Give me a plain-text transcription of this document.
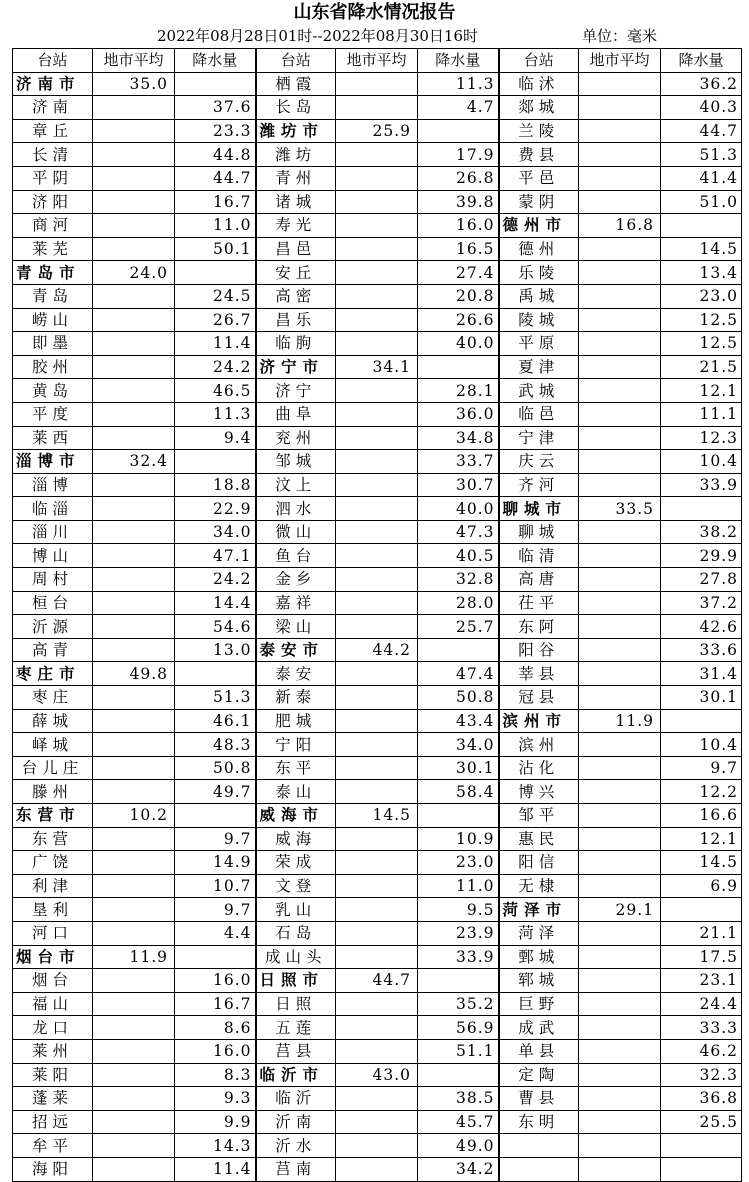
山东省降水情况报告
2022年08月28日01时--2022年08月30日16时	单位：毫米
台站	地市平均	降水量	台站	地市平均	降水量	台站	地市平均	降水量
济南市	35.0		栖霞		11.3	临沭		36.2
济南		37.6	长岛		4.7	郯城		40.3
章丘		23.3	潍坊市	25.9		兰陵		44.7
长清		44.8	潍坊		17.9	费县		51.3
平阴		44.7	青州		26.8	平邑		41.4
济阳		16.7	诸城		39.8	蒙阴		51.0
商河		11.0	寿光		16.0	德州市	16.8	
莱芜		50.1	昌邑		16.5	德州		14.5
青岛市	24.0		安丘		27.4	乐陵		13.4
青岛		24.5	高密		20.8	禹城		23.0
崂山		26.7	昌乐		26.6	陵城		12.5
即墨		11.4	临朐		40.0	平原		12.5
胶州		24.2	济宁市	34.1		夏津		21.5
黄岛		46.5	济宁		28.1	武城		12.1
平度		11.3	曲阜		36.0	临邑		11.1
莱西		9.4	兖州		34.8	宁津		12.3
淄博市	32.4		邹城		33.7	庆云		10.4
淄博		18.8	汶上		30.7	齐河		33.9
临淄		22.9	泗水		40.0	聊城市	33.5	
淄川		34.0	微山		47.3	聊城		38.2
博山		47.1	鱼台		40.5	临清		29.9
周村		24.2	金乡		32.8	高唐		27.8
桓台		14.4	嘉祥		28.0	茌平		37.2
沂源		54.6	梁山		25.7	东阿		42.6
高青		13.0	泰安市	44.2		阳谷		33.6
枣庄市	49.8		泰安		47.4	莘县		31.4
枣庄		51.3	新泰		50.8	冠县		30.1
薛城		46.1	肥城		43.4	滨州市	11.9	
峄城		48.3	宁阳		34.0	滨州		10.4
台儿庄		50.8	东平		30.1	沾化		9.7
滕州		49.7	泰山		58.4	博兴		12.2
东营市	10.2		威海市	14.5		邹平		16.6
东营		9.7	威海		10.9	惠民		12.1
广饶		14.9	荣成		23.0	阳信		14.5
利津		10.7	文登		11.0	无棣		6.9
垦利		9.7	乳山		9.5	菏泽市	29.1	
河口		4.4	石岛		23.9	菏泽		21.1
烟台市	11.9		成山头		33.9	鄄城		17.5
烟台		16.0	日照市	44.7		郓城		23.1
福山		16.7	日照		35.2	巨野		24.4
龙口		8.6	五莲		56.9	成武		33.3
莱州		16.0	莒县		51.1	单县		46.2
莱阳		8.3	临沂市	43.0		定陶		32.3
蓬莱		9.3	临沂		38.5	曹县		36.8
招远		9.9	沂南		45.7	东明		25.5
牟平		14.3	沂水		49.0			
海阳		11.4	莒南		34.2			
